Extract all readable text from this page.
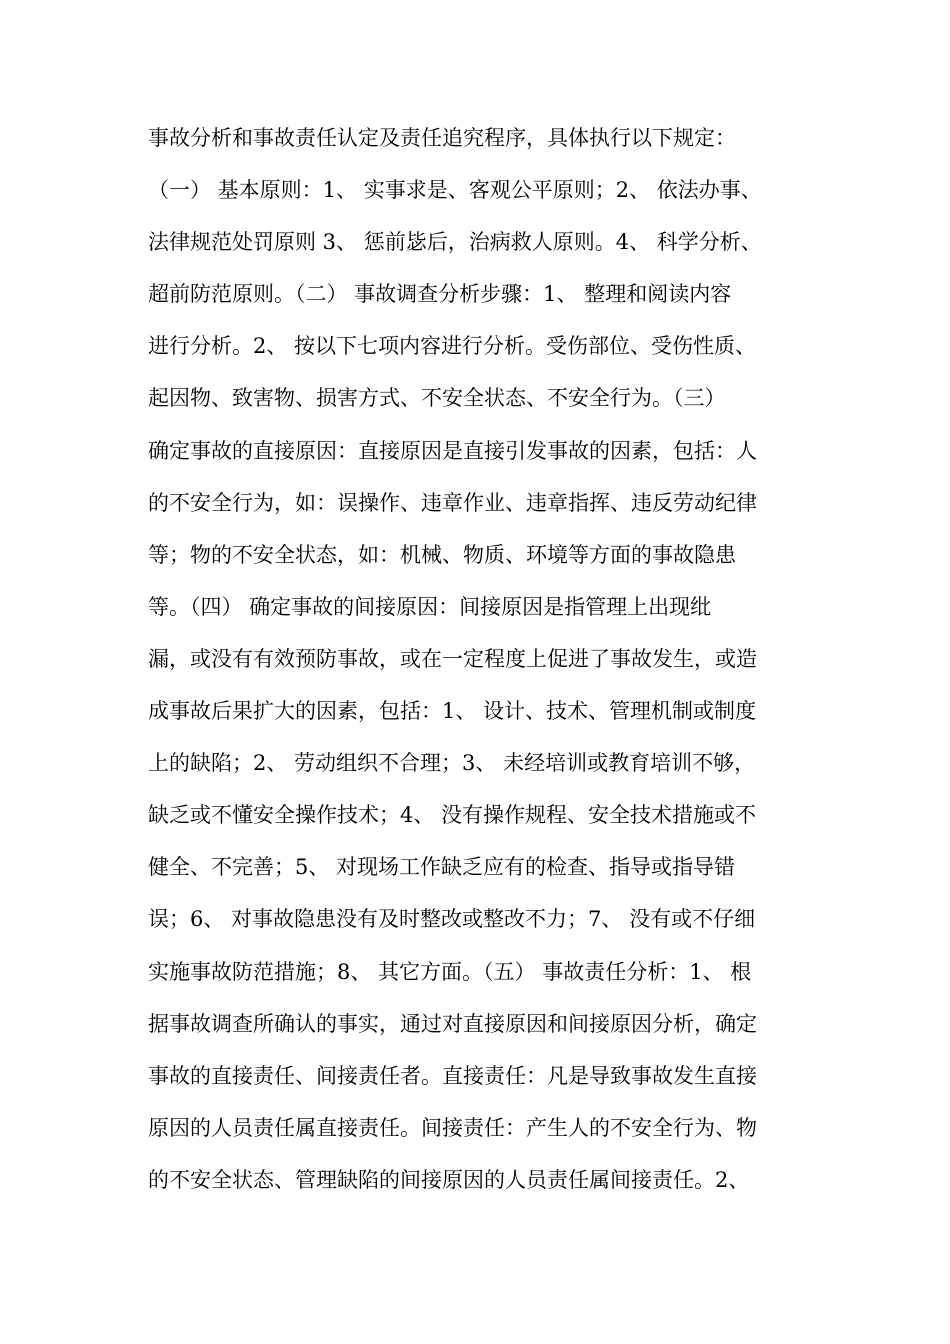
事故分析和事故责任认定及责任追究程序，具体执行以下规定：
（一） 基本原则：1、 实事求是、客观公平原则；2、 依法办事、
法律规范处罚原则 3、 惩前毖后，治病救人原则。4、 科学分析、
超前防范原则。（二） 事故调查分析步骤：1、 整理和阅读内容
进行分析。2、 按以下七项内容进行分析。受伤部位、受伤性质、
起因物、致害物、损害方式、不安全状态、不安全行为。（三）
确定事故的直接原因：直接原因是直接引发事故的因素，包括：人
的不安全行为，如：误操作、违章作业、违章指挥、违反劳动纪律
等；物的不安全状态，如：机械、物质、环境等方面的事故隐患
等。（四） 确定事故的间接原因：间接原因是指管理上出现纰
漏，或没有有效预防事故，或在一定程度上促进了事故发生，或造
成事故后果扩大的因素，包括：1、 设计、技术、管理机制或制度
上的缺陷；2、 劳动组织不合理；3、 未经培训或教育培训不够，
缺乏或不懂安全操作技术；4、 没有操作规程、安全技术措施或不
健全、不完善；5、 对现场工作缺乏应有的检查、指导或指导错
误；6、 对事故隐患没有及时整改或整改不力；7、 没有或不仔细
实施事故防范措施；8、 其它方面。（五） 事故责任分析：1、 根
据事故调查所确认的事实，通过对直接原因和间接原因分析，确定
事故的直接责任、间接责任者。直接责任：凡是导致事故发生直接
原因的人员责任属直接责任。间接责任：产生人的不安全行为、物
的不安全状态、管理缺陷的间接原因的人员责任属间接责任。2、
